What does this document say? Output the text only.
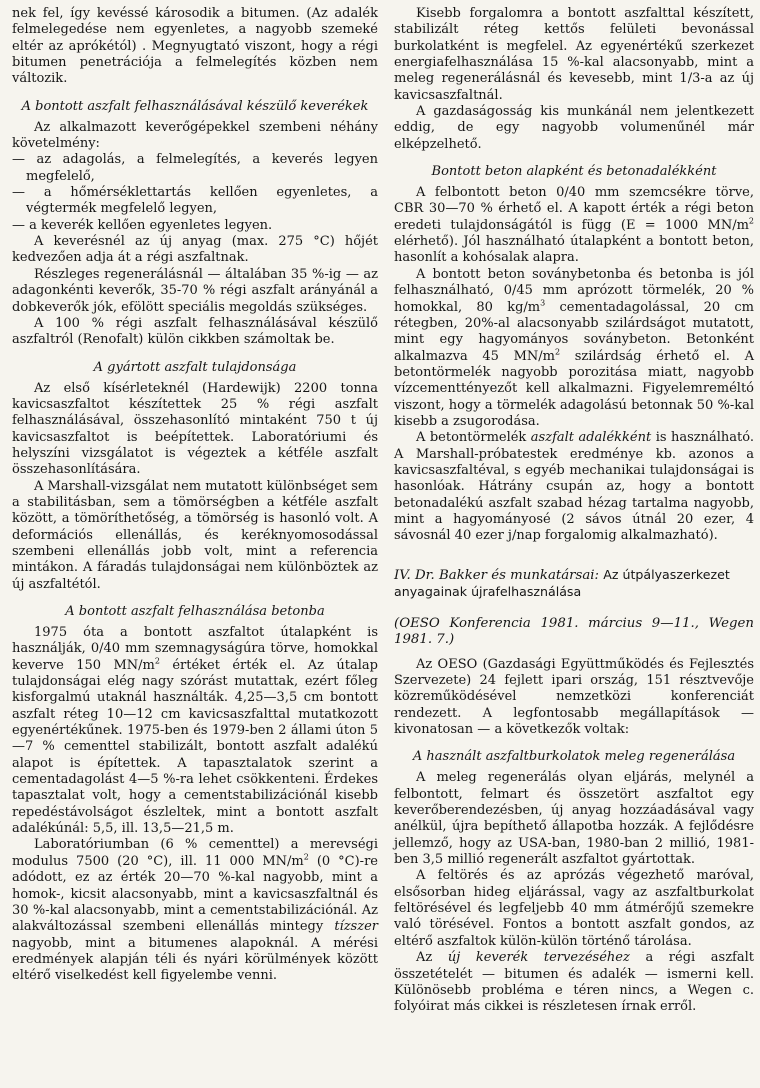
nek fel, így kevéssé károsodik a bitumen. (Az adalék felmelegedése nem egyenletes, a nagyobb szemeké eltér az aprókétól) . Megnyugtató viszont, hogy a régi bitumen penetrációja a felmelegítés közben nem változik.

A bontott aszfalt felhasználásával készülő keverékek

Az alkalmazott keverőgépekkel szembeni néhány követelmény:

— az adagolás, a felmelegítés, a keverés legyen megfelelő,

— a hőmérséklettartás kellően egyenletes, a végtermék megfelelő legyen,

— a keverék kellően egyenletes legyen.

A keverésnél az új anyag (max. 275 °C) hőjét kedvezően adja át a régi aszfaltnak.

Részleges regenerálásnál — általában 35 %-ig — az adagonkénti keverők, 35-70 % régi aszfalt arányánál a dobkeverők jók, efölött speciális megoldás szükséges.

A 100 % régi aszfalt felhasználásával készülő aszfaltról (Renofalt) külön cikkben számoltak be.

A gyártott aszfalt tulajdonsága

Az első kísérleteknél (Hardewijk) 2200 tonna kavicsaszfaltot készítettek 25 % régi aszfalt felhasználásával, összehasonlító mintaként 750 t új kavicsaszfaltot is beépítettek. Laboratóriumi és helyszíni vizsgálatot is végeztek a kétféle aszfalt összehasonlítására.

A Marshall-vizsgálat nem mutatott különbséget sem a stabilitásban, sem a tömörségben a kétféle aszfalt között, a tömöríthetőség, a tömörség is hasonló volt. A deformációs ellenállás, és keréknyomosodással szembeni ellenállás jobb volt, mint a referencia mintákon. A fáradás tulajdonságai nem különböztek az új aszfaltétól.

A bontott aszfalt felhasználása betonba

1975 óta a bontott aszfaltot útalapként is használják, 0/40 mm szemnagyságúra törve, homokkal keverve 150 $MN/m^2$ értéket érték el. Az útalap tulajdonságai elég nagy szórást mutattak, ezért főleg kisforgalmú utaknál használták. 4,25—3,5 cm bontott aszfalt réteg 10—12 cm kavicsaszfalttal mutatkozott egyenértékűnek. 1975-ben és 1979-ben 2 állami úton 5—7 % cementtel stabilizált, bontott aszfalt adalékú alapot is építettek. A tapasztalatok szerint a cementadagolást 4—5 %-ra lehet csökkenteni. Érdekes tapasztalat volt, hogy a cementstabilizációnál kisebb repedéstávolságot észleltek, mint a bontott aszfalt adalékúnál: 5,5, ill. 13,5—21,5 m.

Laboratóriumban (6 % cementtel) a merevségi modulus 7500 (20 °C), ill. 11 000 $MN/m^2$ (0 °C)-re adódott, ez az érték 20—70 %-kal nagyobb, mint a homok-, kicsit alacsonyabb, mint a kavicsaszfaltnál és 30 %-kal alacsonyabb, mint a cementstabilizációnál. Az alakváltozással szembeni ellenállás mintegy tízszer nagyobb, mint a bitumenes alapoknál. A mérési eredmények alapján téli és nyári körülmények között eltérő viselkedést kell figyelembe venni.

Kisebb forgalomra a bontott aszfalttal készített, stabilizált réteg kettős felületi bevonással burkolatként is megfelel. Az egyenértékű szerkezet energiafelhasználása 15 %-kal alacsonyabb, mint a meleg regenerálásnál és kevesebb, mint 1/3-a az új kavicsaszfaltnál.

A gazdaságosság kis munkánál nem jelentkezett eddig, de egy nagyobb volumenűnél már elképzelhető.

Bontott beton alapként és betonadalékként

A felbontott beton 0/40 mm szemcsékre törve, CBR 30—70 % érhető el. A kapott érték a régi beton eredeti tulajdonságától is függ (E = 1000 $MN/m^2$ elérhető). Jól használható útalapként a bontott beton, hasonlít a kohósalak alapra.

A bontott beton soványbetonba és betonba is jól felhasználható, 0/45 mm aprózott törmelék, 20 % homokkal, 80 $kg/m^3$ cementadagolással, 20 cm rétegben, 20%-al alacsonyabb szilárdságot mutatott, mint egy hagyományos soványbeton. Betonként alkalmazva 45 $MN/m^2$ szilárdság érhető el. A betontörmelék nagyobb porozitása miatt, nagyobb vízcementtényezőt kell alkalmazni. Figyelemreméltó viszont, hogy a törmelék adagolású betonnak 50 %-kal kisebb a zsugorodása.

A betontörmelék aszfalt adalékként is használható. A Marshall-próbatestek eredménye kb. azonos a kavicsaszfaltéval, s egyéb mechanikai tulajdonságai is hasonlóak. Hátrány csupán az, hogy a bontott betonadalékú aszfalt szabad hézag tartalma nagyobb, mint a hagyományosé (2 sávos útnál 20 ezer, 4 sávosnál 40 ezer j/nap forgalomig alkalmazható).

IV. Dr. Bakker és munkatársai: Az útpályaszerkezet anyagainak újrafelhasználása

(OESO Konferencia 1981. március 9—11., Wegen 1981. 7.)

Az OESO (Gazdasági Együttműködés és Fejlesztés Szervezete) 24 fejlett ipari ország, 151 résztvevője közreműködésével nemzetközi konferenciát rendezett. A legfontosabb megállapítások — kivonatosan — a következők voltak:

A használt aszfaltburkolatok meleg regenerálása

A meleg regenerálás olyan eljárás, melynél a felbontott, felmart és összetört aszfaltot egy keverőberendezésben, új anyag hozzáadásával vagy anélkül, újra bepíthető állapotba hozzák. A fejlődésre jellemző, hogy az USA-ban, 1980-ban 2 millió, 1981-ben 3,5 millió regenerált aszfaltot gyártottak.

A feltörés és az aprózás végezhető maróval, elsősorban hideg eljárással, vagy az aszfaltburkolat feltörésével és legfeljebb 40 mm átmérőjű szemekre való törésével. Fontos a bontott aszfalt gondos, az eltérő aszfaltok külön-külön történő tárolása.

Az új keverék tervezéséhez a régi aszfalt összetételét — bitumen és adalék — ismerni kell. Különösebb probléma e téren nincs, a Wegen c. folyóirat más cikkei is részletesen írnak erről.
